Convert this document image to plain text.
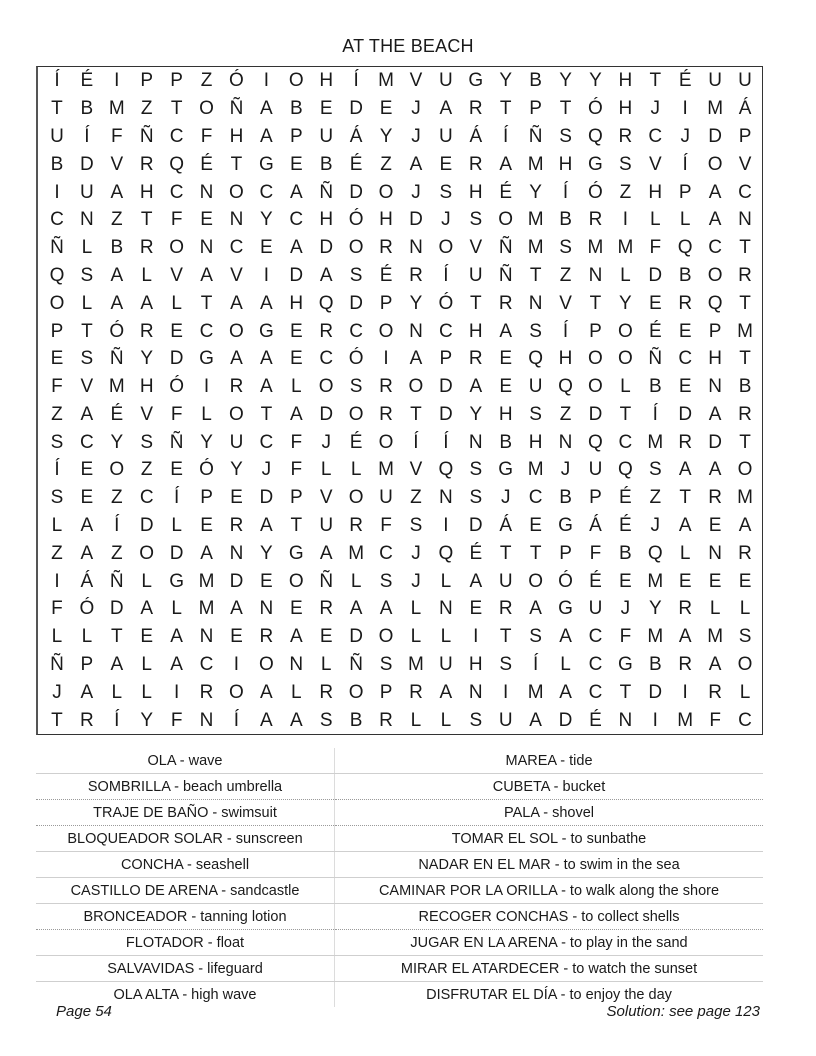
AT THE BEACH
Í	É	I	P P Z Ó	I	O H	Í	M V U G Y B Y Y H T É U U
T B M Z T O Ñ A B E D E J A R T P T Ó H J	I	M Á
U	Í	F Ñ C F H A P U Á Y J U Á	Í	Ñ S Q R C J D P
B D V R Q É T G E B É Z A E R A M H G S V	Í	O V
I	U A H C N O C A Ñ D O J S H É Y	Í	Ó Z H P A C
C N Z T F E N Y C H Ó H D J S O M B R	I	L	L A N
Ñ L B R O N C E A D O R N O V Ñ M S M M F Q C T
Q S A L V A V	I	D A S É R	Í	U Ñ T Z N L D B O R
O L A A L T A A H Q D P Y Ó T R N V T Y E R Q T
P T Ó R E C O G E R C O N C H A S	Í	P O É E P M
E S Ñ Y D G A A E C Ó	I	A P R E Q H O O Ñ C H T
F V M H Ó	I	R A L O S R O D A E U Q O L B E N B
Z A É V F L O T A D O R T D Y H S Z D T	Í	D A R
S C Y S Ñ Y U C F	J É O	Í	Í	N B H N Q C M R D T
Í	E O Z E Ó Y J	F L	L M V Q S G M J U Q S A A O
S E Z C	Í	P E D P V O U Z N S J C B P É Z T R M
L A	Í	D L E R A T U R F S	I	D Á E G Á É J A E A
Z A Z O D A N Y G A M C J Q É T T P F B Q L N R
I	Á Ñ L G M D E O Ñ L S J	L A U O Ó É E M E E E
F Ó D A L M A N E R A A L N E R A G U J Y R L	L
L	L T E A N E R A E D O L	L	I	T S A C F M A M S
Ñ P A L A C	I	O N L Ñ S M U H S	Í	L C G B R A O
J A L	L	I	R O A L R O P R A N	I	M A C T D	I	R L
T R	Í	Y F N	Í	A A S B R L	L S U A D É N	I	M F C
OLA - wave	MAREA - tide
SOMBRILLA - beach umbrella	CUBETA - bucket
TRAJE DE BAÑO - swimsuit	PALA - shovel
BLOQUEADOR SOLAR - sunscreen	TOMAR EL SOL - to sunbathe
CONCHA - seashell	NADAR EN EL MAR - to swim in the sea
CASTILLO DE ARENA - sandcastle	CAMINAR POR LA ORILLA - to walk along the shore
BRONCEADOR - tanning lotion	RECOGER CONCHAS - to collect shells
FLOTADOR - float	JUGAR EN LA ARENA - to play in the sand
SALVAVIDAS - lifeguard	MIRAR EL ATARDECER - to watch the sunset
OLA ALTA - high wave	DISFRUTAR EL DÍA - to enjoy the day
Page 54	Solution: see page 123
